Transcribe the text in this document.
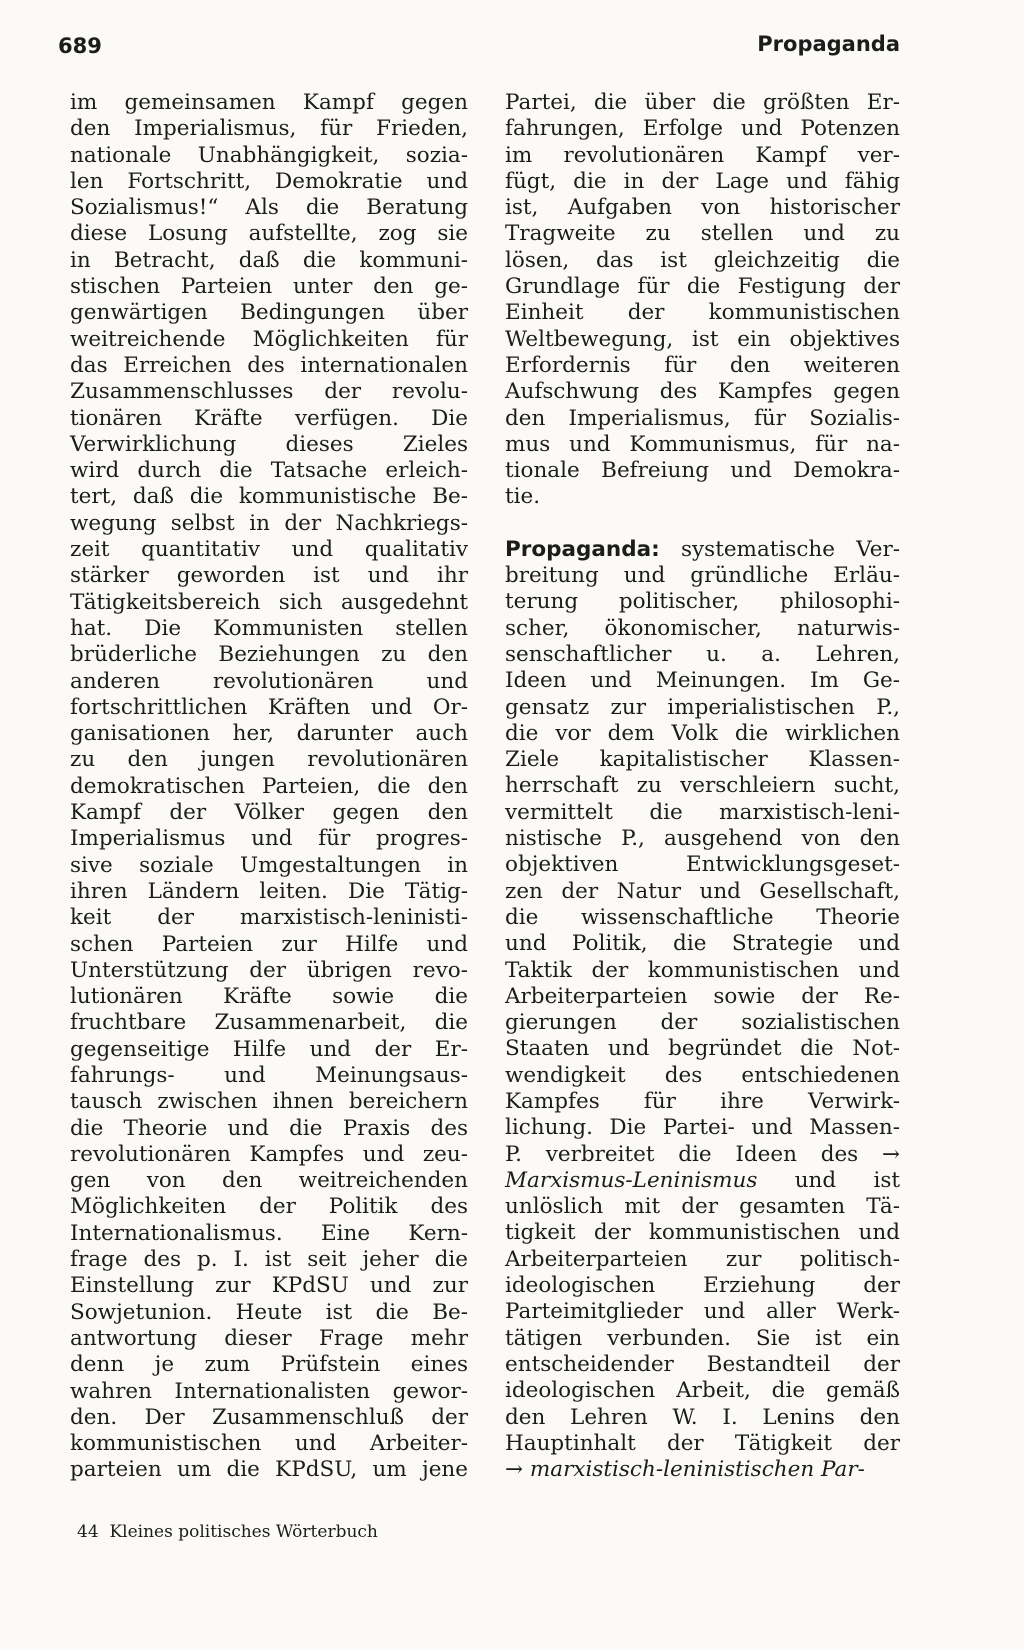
689	Propaganda
im gemeinsamen Kampf gegen
den Imperialismus, für Frieden,
nationale Unabhängigkeit, sozia-
len Fortschritt, Demokratie und
Sozialismus!“ Als die Beratung
diese Losung aufstellte, zog sie
in Betracht, daß die kommuni-
stischen Parteien unter den ge-
genwärtigen Bedingungen über
weitreichende Möglichkeiten für
das Erreichen des internationalen
Zusammenschlusses der revolu-
tionären Kräfte verfügen. Die
Verwirklichung dieses Zieles
wird durch die Tatsache erleich-
tert, daß die kommunistische Be-
wegung selbst in der Nachkriegs-
zeit quantitativ und qualitativ
stärker geworden ist und ihr
Tätigkeitsbereich sich ausgedehnt
hat. Die Kommunisten stellen
brüderliche Beziehungen zu den
anderen revolutionären und
fortschrittlichen Kräften und Or-
ganisationen her, darunter auch
zu den jungen revolutionären
demokratischen Parteien, die den
Kampf der Völker gegen den
Imperialismus und für progres-
sive soziale Umgestaltungen in
ihren Ländern leiten. Die Tätig-
keit der marxistisch-leninisti-
schen Parteien zur Hilfe und
Unterstützung der übrigen revo-
lutionären Kräfte sowie die
fruchtbare Zusammenarbeit, die
gegenseitige Hilfe und der Er-
fahrungs- und Meinungsaus-
tausch zwischen ihnen bereichern
die Theorie und die Praxis des
revolutionären Kampfes und zeu-
gen von den weitreichenden
Möglichkeiten der Politik des
Internationalismus. Eine Kern-
frage des p. I. ist seit jeher die
Einstellung zur KPdSU und zur
Sowjetunion. Heute ist die Be-
antwortung dieser Frage mehr
denn je zum Prüfstein eines
wahren Internationalisten gewor-
den. Der Zusammenschluß der
kommunistischen und Arbeiter-
parteien um die KPdSU, um jene
Partei, die über die größten Er-
fahrungen, Erfolge und Potenzen
im revolutionären Kampf ver-
fügt, die in der Lage und fähig
ist, Aufgaben von historischer
Tragweite zu stellen und zu
lösen, das ist gleichzeitig die
Grundlage für die Festigung der
Einheit der kommunistischen
Weltbewegung, ist ein objektives
Erfordernis für den weiteren
Aufschwung des Kampfes gegen
den Imperialismus, für Sozialis-
mus und Kommunismus, für na-
tionale Befreiung und Demokra-
tie.
Propaganda: systematische Ver-
breitung und gründliche Erläu-
terung politischer, philosophi-
scher, ökonomischer, naturwis-
senschaftlicher u. a. Lehren,
Ideen und Meinungen. Im Ge-
gensatz zur imperialistischen P.,
die vor dem Volk die wirklichen
Ziele kapitalistischer Klassen-
herrschaft zu verschleiern sucht,
vermittelt die marxistisch-leni-
nistische P., ausgehend von den
objektiven Entwicklungsgeset-
zen der Natur und Gesellschaft,
die wissenschaftliche Theorie
und Politik, die Strategie und
Taktik der kommunistischen und
Arbeiterparteien sowie der Re-
gierungen der sozialistischen
Staaten und begründet die Not-
wendigkeit des entschiedenen
Kampfes für ihre Verwirk-
lichung. Die Partei- und Massen-
P. verbreitet die Ideen des →
Marxismus-Leninismus und ist
unlöslich mit der gesamten Tä-
tigkeit der kommunistischen und
Arbeiterparteien zur politisch-
ideologischen Erziehung der
Parteimitglieder und aller Werk-
tätigen verbunden. Sie ist ein
entscheidender Bestandteil der
ideologischen Arbeit, die gemäß
den Lehren W. I. Lenins den
Hauptinhalt der Tätigkeit der
→ marxistisch-leninistischen Par-
44 Kleines politisches Wörterbuch
